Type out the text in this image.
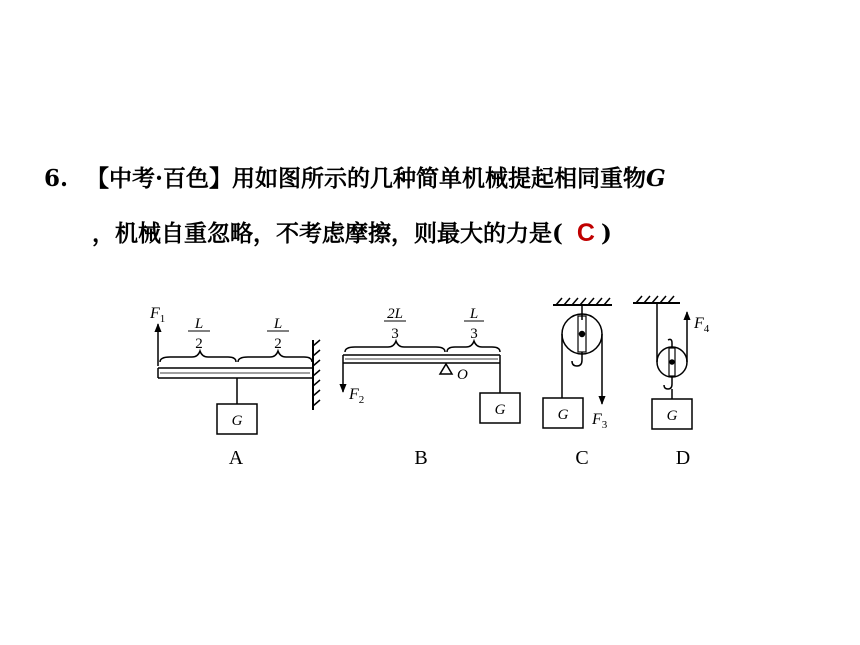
6. 【中考·百色】用如图所示的几种简单机械提起相同重物G
，机械自重忽略，不考虑摩擦，则最大的力是( C )
$F_1$ L
2
L
2
G
A
$F_2$
2L
3
L
3
O
G
B
$F_3$
G
C
$F_4$
G
D
